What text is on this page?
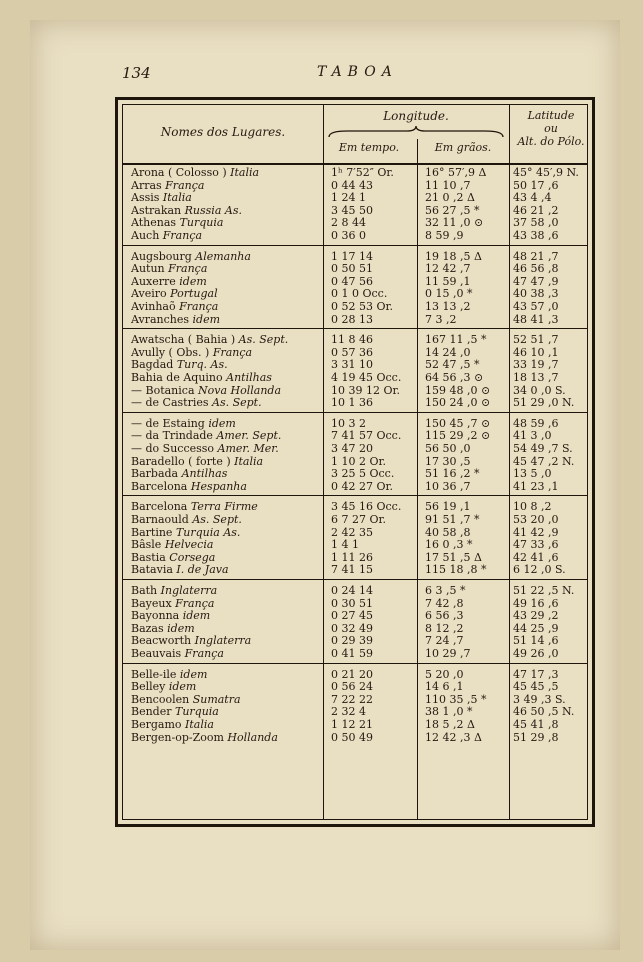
134	TABOA
Nomes dos Lugares.
Longitude.
Em tempo.	Em grãos.
Latitude
ou
Alt. do Pólo.
Arona ( Colosso ) Italia	1ʰ 7′52″ Or.	16° 57′,9 Δ	45° 45′,9 N.
Arras França	0 44 43	11 10 ,7	50 17 ,6
Assis Italia	1 24 1	21 0 ,2 Δ	43 4 ,4
Astrakan Russia As.	3 45 50	56 27 ,5 *	46 21 ,2
Athenas Turquia	2 8 44	32 11 ,0 ⊙	37 58 ,0
Auch França	0 36 0	8 59 ,9	43 38 ,6
Augsbourg Alemanha	1 17 14	19 18 ,5 Δ	48 21 ,7
Autun França	0 50 51	12 42 ,7	46 56 ,8
Auxerre idem	0 47 56	11 59 ,1	47 47 ,9
Aveiro Portugal	0 1 0 Occ.	0 15 ,0 *	40 38 ,3
Avinhaõ França	0 52 53 Or.	13 13 ,2	43 57 ,0
Avranches idem	0 28 13	7 3 ,2	48 41 ,3
Awatscha ( Bahia ) As. Sept.	11 8 46	167 11 ,5 *	52 51 ,7
Avully ( Obs. ) França	0 57 36	14 24 ,0	46 10 ,1
Bagdad Turq. As.	3 31 10	52 47 ,5 *	33 19 ,7
Bahia de Aquino Antilhas	4 19 45 Occ.	64 56 ,3 ⊙	18 13 ,7
— Botanica Nova Hollanda	10 39 12 Or.	159 48 ,0 ⊙	34 0 ,0 S.
— de Castries As. Sept.	10 1 36	150 24 ,0 ⊙	51 29 ,0 N.
— de Estaing idem	10 3 2	150 45 ,7 ⊙	48 59 ,6
— da Trindade Amer. Sept.	7 41 57 Occ.	115 29 ,2 ⊙	41 3 ,0
— do Successo Amer. Mer.	3 47 20	56 50 ,0	54 49 ,7 S.
Baradello ( forte ) Italia	1 10 2 Or.	17 30 ,5	45 47 ,2 N.
Barbada Antilhas	3 25 5 Occ.	51 16 ,2 *	13 5 ,0
Barcelona Hespanha	0 42 27 Or.	10 36 ,7	41 23 ,1
Barcelona Terra Firme	3 45 16 Occ.	56 19 ,1	10 8 ,2
Barnaould As. Sept.	6 7 27 Or.	91 51 ,7 *	53 20 ,0
Bartine Turquia As.	2 42 35	40 58 ,8	41 42 ,9
Bâsle Helvecia	1 4 1	16 0 ,3 *	47 33 ,6
Bastia Corsega	1 11 26	17 51 ,5 Δ	42 41 ,6
Batavia I. de Java	7 41 15	115 18 ,8 *	6 12 ,0 S.
Bath Inglaterra	0 24 14	6 3 ,5 *	51 22 ,5 N.
Bayeux França	0 30 51	7 42 ,8	49 16 ,6
Bayonna idem	0 27 45	6 56 ,3	43 29 ,2
Bazas idem	0 32 49	8 12 ,2	44 25 ,9
Beacworth Inglaterra	0 29 39	7 24 ,7	51 14 ,6
Beauvais França	0 41 59	10 29 ,7	49 26 ,0
Belle-ile idem	0 21 20	5 20 ,0	47 17 ,3
Belley idem	0 56 24	14 6 ,1	45 45 ,5
Bencoolen Sumatra	7 22 22	110 35 ,5 *	3 49 ,3 S.
Bender Turquia	2 32 4	38 1 ,0 *	46 50 ,5 N.
Bergamo Italia	1 12 21	18 5 ,2 Δ	45 41 ,8
Bergen-op-Zoom Hollanda	0 50 49	12 42 ,3 Δ	51 29 ,8
